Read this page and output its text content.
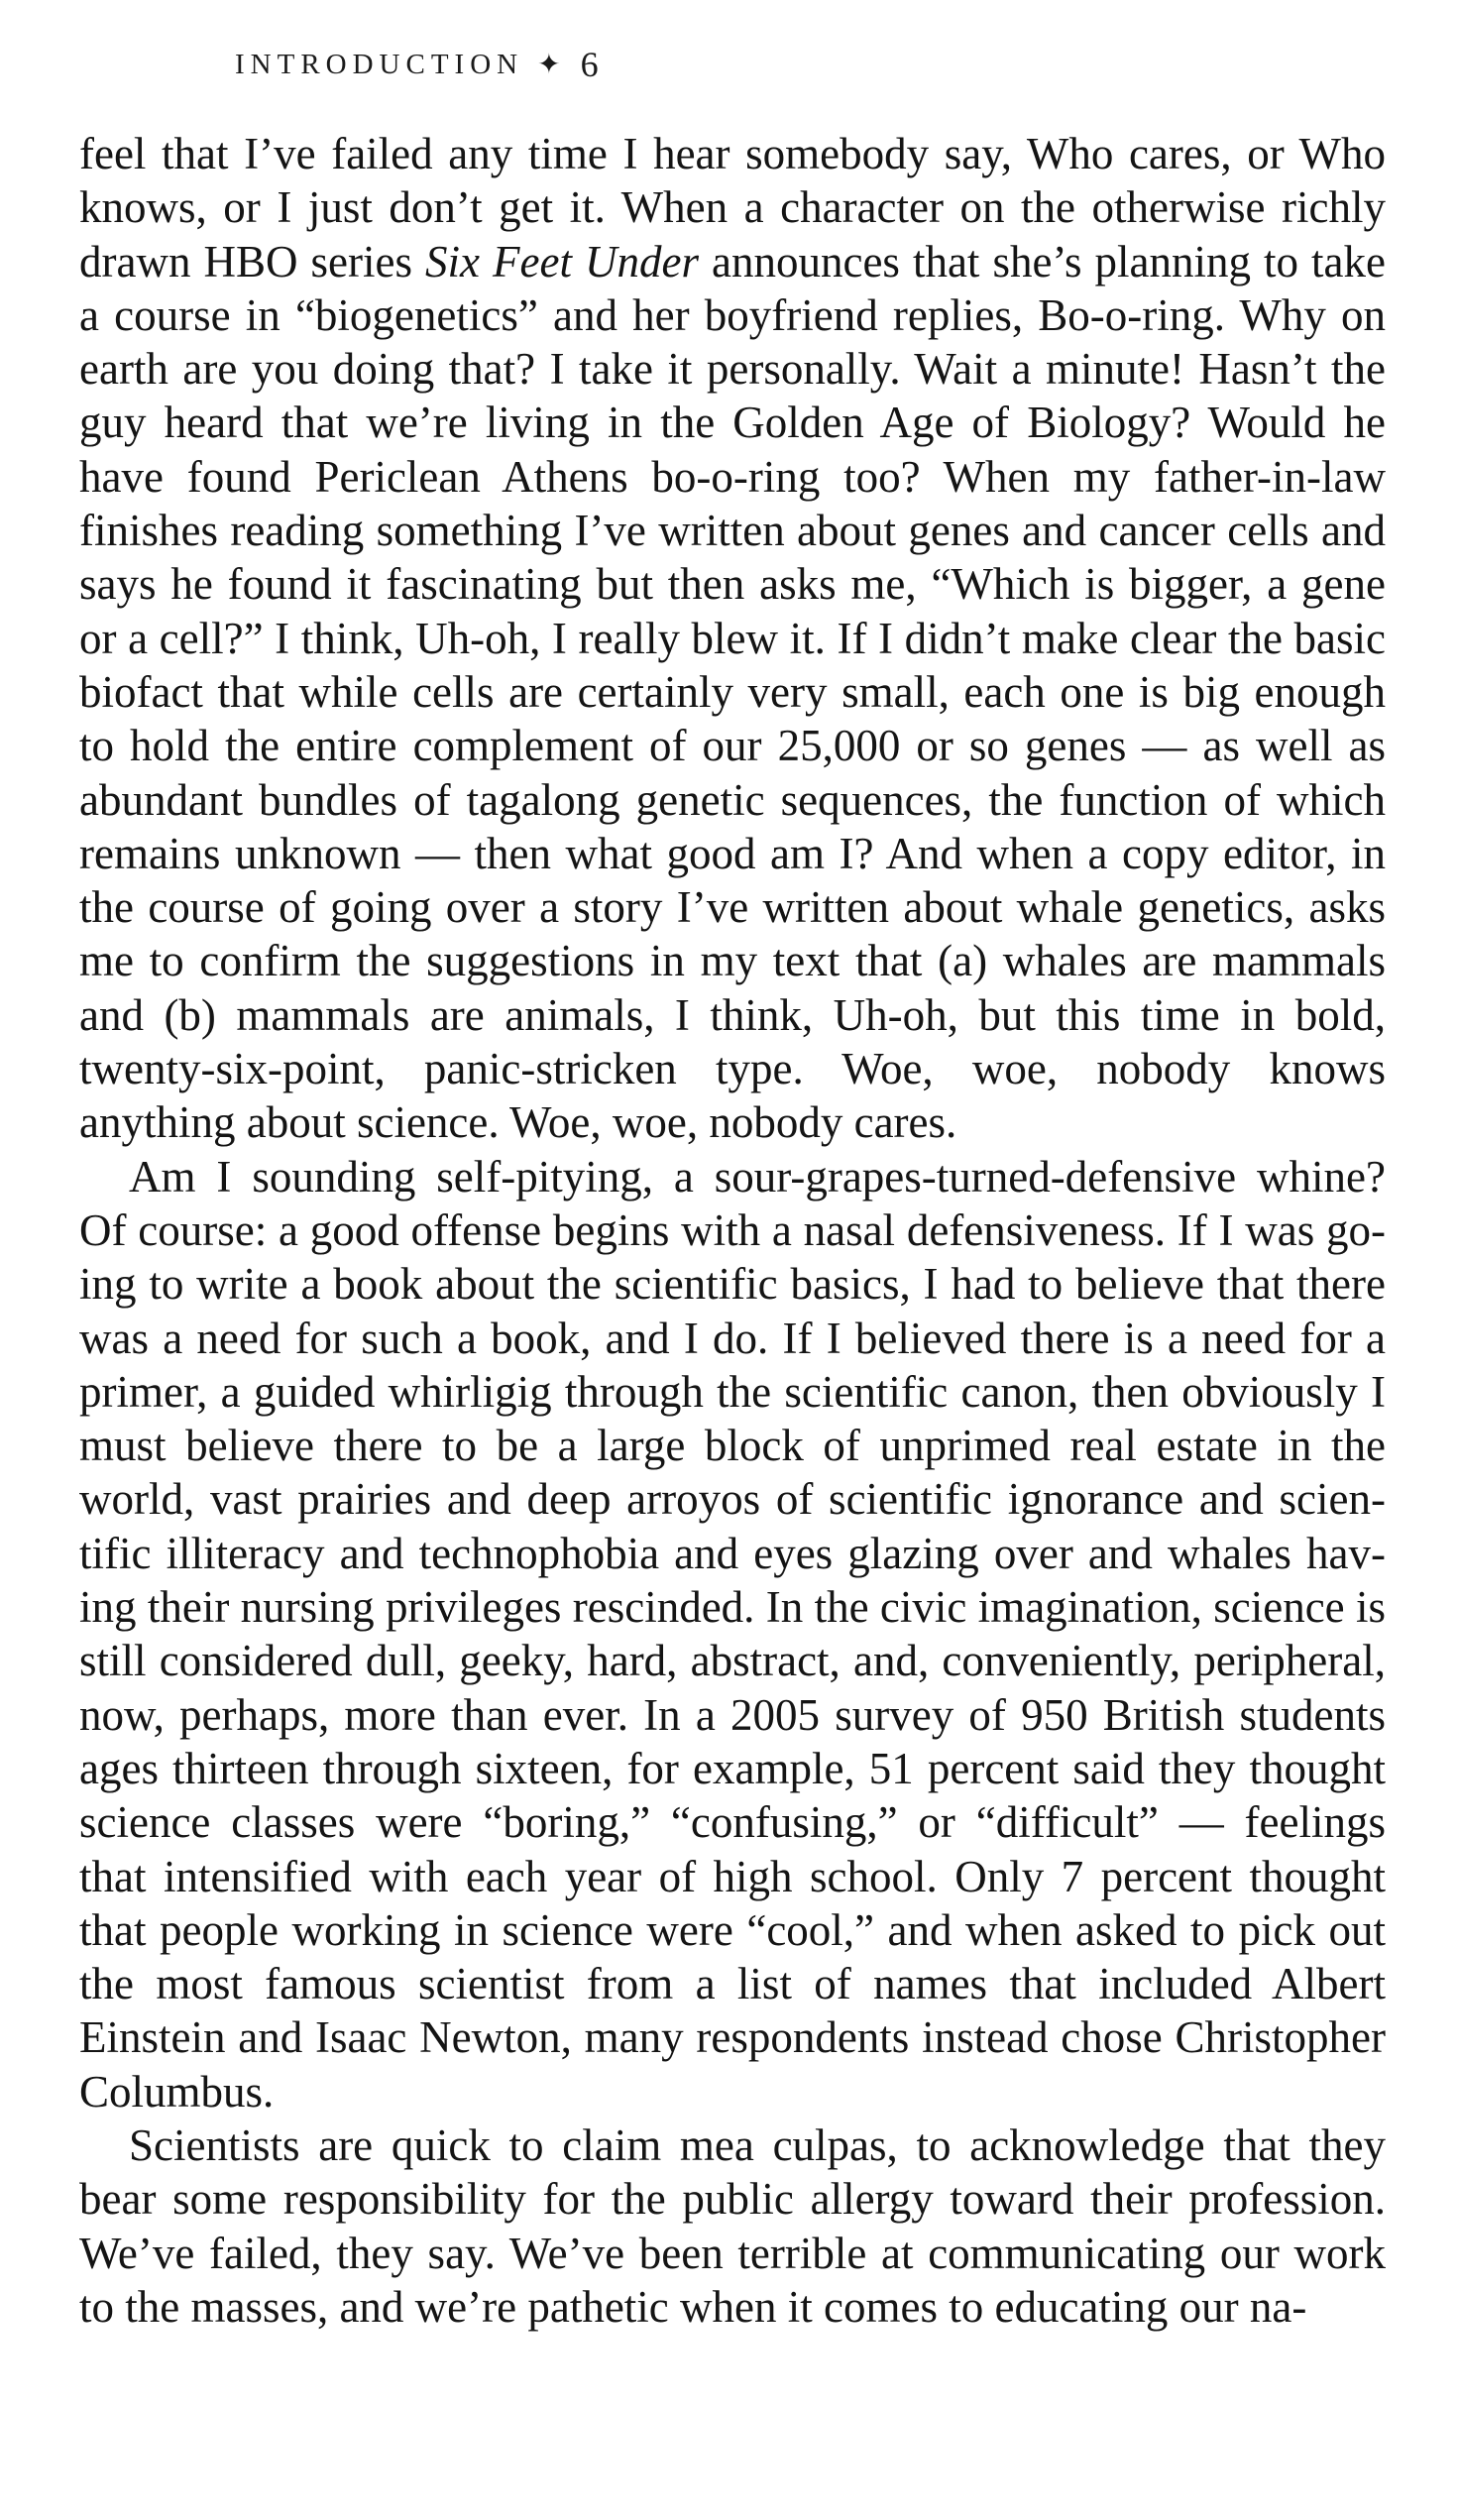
INTRODUCTION ✦ 6

feel that I’ve failed any time I hear somebody say, Who cares, or Who knows, or I just don’t get it. When a character on the otherwise richly drawn HBO series Six Feet Under announces that she’s planning to take a course in “biogenetics” and her boyfriend replies, Bo-o-ring. Why on earth are you doing that? I take it personally. Wait a minute! Hasn’t the guy heard that we’re living in the Golden Age of Biology? Would he have found Periclean Athens bo-o-ring too? When my father-in-law finishes reading something I’ve written about genes and cancer cells and says he found it fascinating but then asks me, “Which is bigger, a gene or a cell?” I think, Uh-oh, I really blew it. If I didn’t make clear the basic biofact that while cells are certainly very small, each one is big enough to hold the entire complement of our 25,000 or so genes — as well as abundant bundles of tagalong genetic sequences, the function of which remains unknown — then what good am I? And when a copy editor, in the course of going over a story I’ve written about whale genetics, asks me to confirm the suggestions in my text that (a) whales are mammals and (b) mammals are animals, I think, Uh-oh, but this time in bold, twenty-six-point, panic-stricken type. Woe, woe, nobody knows anything about science. Woe, woe, nobody cares.

Am I sounding self-pitying, a sour-grapes-turned-defensive whine? Of course: a good offense begins with a nasal defensiveness. If I was going to write a book about the scientific basics, I had to believe that there was a need for such a book, and I do. If I believed there is a need for a primer, a guided whirligig through the scientific canon, then obviously I must believe there to be a large block of unprimed real estate in the world, vast prairies and deep arroyos of scientific ignorance and scientific illiteracy and technophobia and eyes glazing over and whales having their nursing privileges rescinded. In the civic imagination, science is still considered dull, geeky, hard, abstract, and, conveniently, peripheral, now, perhaps, more than ever. In a 2005 survey of 950 British students ages thirteen through sixteen, for example, 51 percent said they thought science classes were “boring,” “confusing,” or “difficult” — feelings that intensified with each year of high school. Only 7 percent thought that people working in science were “cool,” and when asked to pick out the most famous scientist from a list of names that included Albert Einstein and Isaac Newton, many respondents instead chose Christopher Columbus.

Scientists are quick to claim mea culpas, to acknowledge that they bear some responsibility for the public allergy toward their profession. We’ve failed, they say. We’ve been terrible at communicating our work to the masses, and we’re pathetic when it comes to educating our na-
